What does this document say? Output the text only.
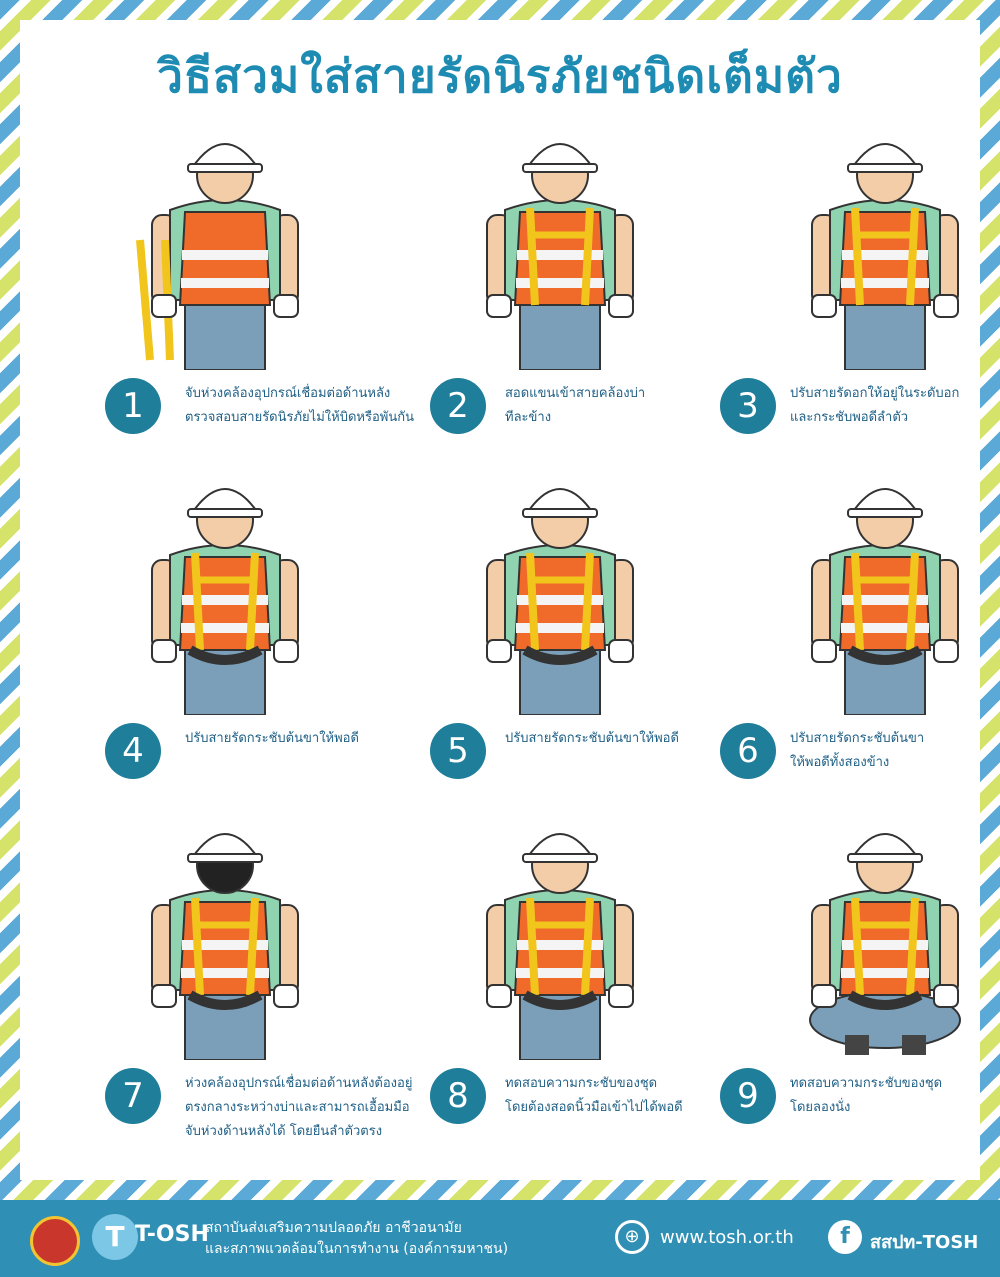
วิธีสวมใส่สายรัดนิรภัยชนิดเต็มตัว
1	จับห่วงคล้องอุปกรณ์เชื่อมต่อด้านหลัง
ตรวจสอบสายรัดนิรภัยไม่ให้บิดหรือพันกัน 2	สอดแขนเข้าสายคล้องบ่า
ทีละข้าง	3	ปรับสายรัดอกให้อยู่ในระดับอก
และกระชับพอดีลำตัว
4	ปรับสายรัดกระชับต้นขาให้พอดี	5	ปรับสายรัดกระชับต้นขาให้พอดี	6	ปรับสายรัดกระชับต้นขา
ให้พอดีทั้งสองข้าง
7	ห่วงคล้องอุปกรณ์เชื่อมต่อด้านหลังต้องอยู่
ตรงกลางระหว่างบ่าและสามารถเอื้อมมือ
จับห่วงด้านหลังได้ โดยยืนลำตัวตรง
8	ทดสอบความกระชับของชุด
โดยต้องสอดนิ้วมือเข้าไปได้พอดี	9	ทดสอบความกระชับของชุด
โดยลองนั่ง
T T-OSH
สถาบันส่งเสริมความปลอดภัย อาชีวอนามัย
และสภาพแวดล้อมในการทำงาน (องค์การมหาชน)
⊕	www.tosh.or.th	f	สสปท-TOSH
